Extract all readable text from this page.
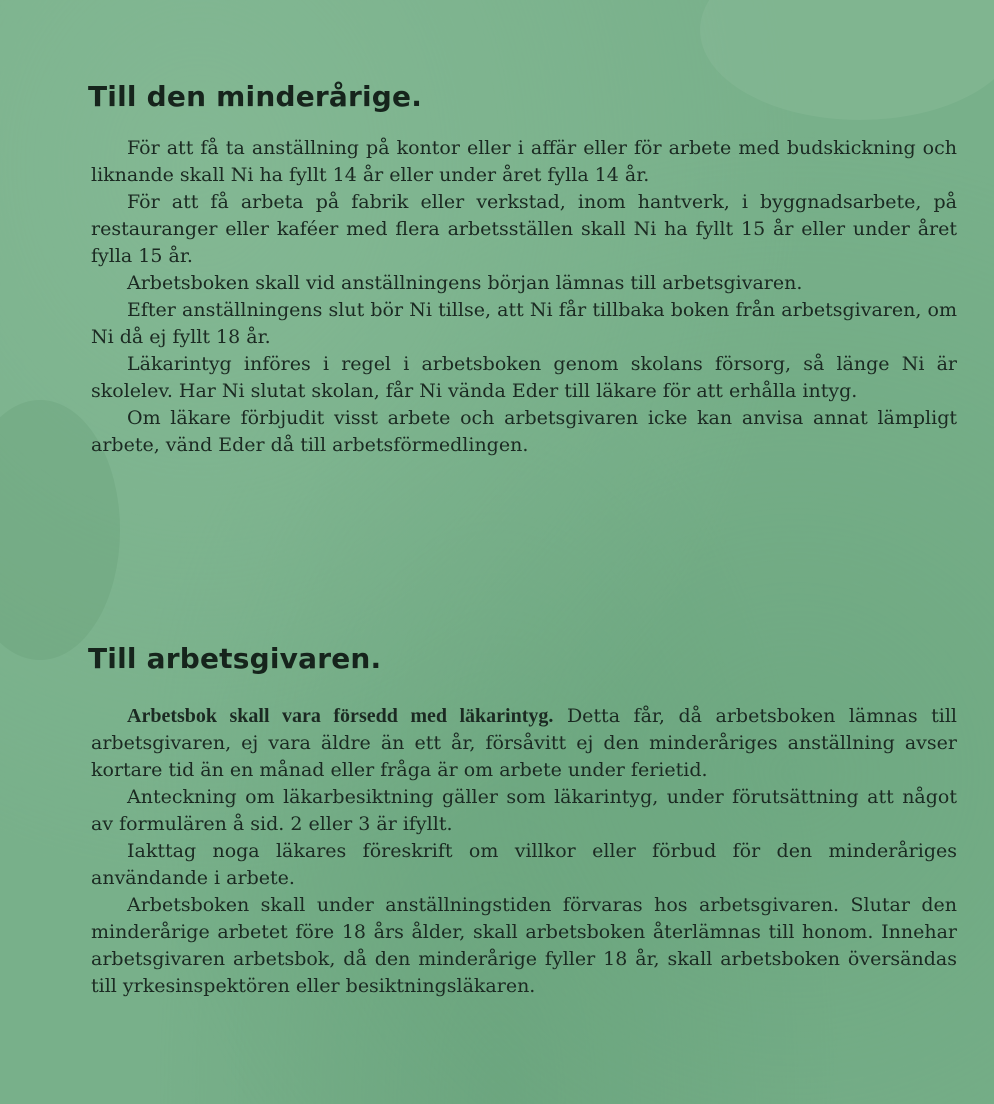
Till den minderårige.

För att få ta anställning på kontor eller i affär eller för arbete med budskickning och liknande skall Ni ha fyllt 14 år eller under året fylla 14 år.

För att få arbeta på fabrik eller verkstad, inom hantverk, i byggnadsarbete, på restauranger eller kaféer med flera arbetsställen skall Ni ha fyllt 15 år eller under året fylla 15 år.

Arbetsboken skall vid anställningens början lämnas till arbetsgivaren.

Efter anställningens slut bör Ni tillse, att Ni får tillbaka boken från arbetsgivaren, om Ni då ej fyllt 18 år.

Läkarintyg införes i regel i arbetsboken genom skolans försorg, så länge Ni är skolelev. Har Ni slutat skolan, får Ni vända Eder till läkare för att erhålla intyg.

Om läkare förbjudit visst arbete och arbetsgivaren icke kan anvisa annat lämpligt arbete, vänd Eder då till arbetsförmedlingen.

Till arbetsgivaren.

Arbetsbok skall vara försedd med läkarintyg. Detta får, då arbetsboken lämnas till arbetsgivaren, ej vara äldre än ett år, försåvitt ej den minderåriges anställning avser kortare tid än en månad eller fråga är om arbete under ferietid.

Anteckning om läkarbesiktning gäller som läkarintyg, under förutsättning att något av formulären å sid. 2 eller 3 är ifyllt.

Iakttag noga läkares föreskrift om villkor eller förbud för den minderåriges användande i arbete.

Arbetsboken skall under anställningstiden förvaras hos arbetsgivaren. Slutar den minderårige arbetet före 18 års ålder, skall arbetsboken återlämnas till honom. Innehar arbetsgivaren arbetsbok, då den minderårige fyller 18 år, skall arbetsboken översändas till yrkesinspektören eller besiktningsläkaren.
